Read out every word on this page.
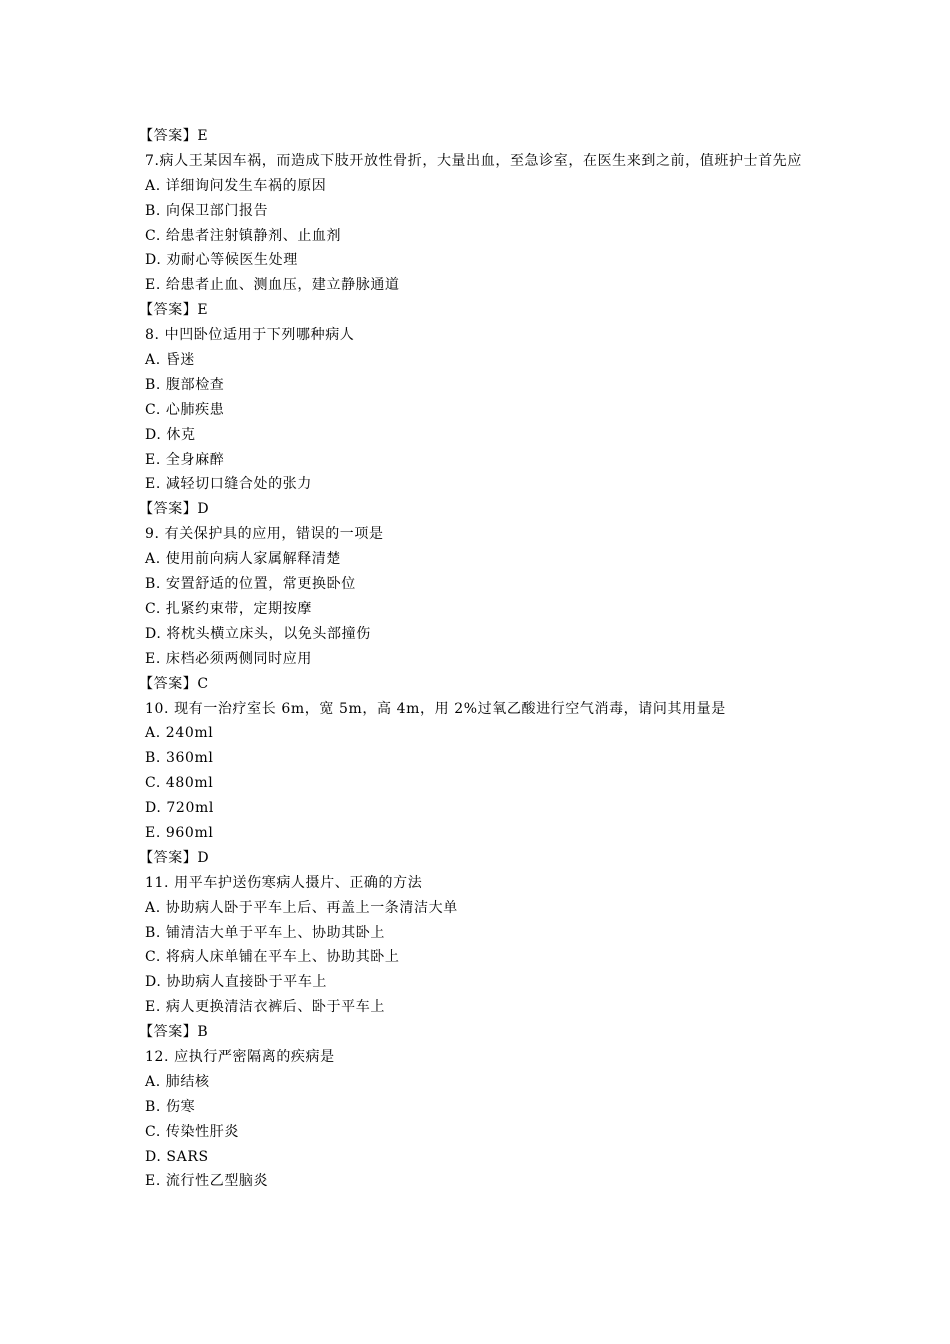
【答案】E
7.病人王某因车祸，而造成下肢开放性骨折，大量出血，至急诊室，在医生来到之前，值班护士首先应
A. 详细询问发生车祸的原因
B. 向保卫部门报告
C. 给患者注射镇静剂、止血剂
D. 劝耐心等候医生处理
E. 给患者止血、测血压，建立静脉通道
【答案】E
8. 中凹卧位适用于下列哪种病人
A. 昏迷
B. 腹部检查
C. 心肺疾患
D. 休克
E. 全身麻醉
E. 减轻切口缝合处的张力
【答案】D
9. 有关保护具的应用，错误的一项是
A. 使用前向病人家属解释清楚
B. 安置舒适的位置，常更换卧位
C. 扎紧约束带，定期按摩
D. 将枕头横立床头，以免头部撞伤
E. 床档必须两侧同时应用
【答案】C
10. 现有一治疗室长 6m，宽 5m，高 4m，用 2%过氧乙酸进行空气消毒，请问其用量是
A. 240ml
B. 360ml
C. 480ml
D. 720ml
E. 960ml
【答案】D
11. 用平车护送伤寒病人摄片、正确的方法
A. 协助病人卧于平车上后、再盖上一条清洁大单
B. 铺清洁大单于平车上、协助其卧上
C. 将病人床单铺在平车上、协助其卧上
D. 协助病人直接卧于平车上
E. 病人更换清洁衣裤后、卧于平车上
【答案】B
12. 应执行严密隔离的疾病是
A. 肺结核
B. 伤寒
C. 传染性肝炎
D. SARS
E. 流行性乙型脑炎
